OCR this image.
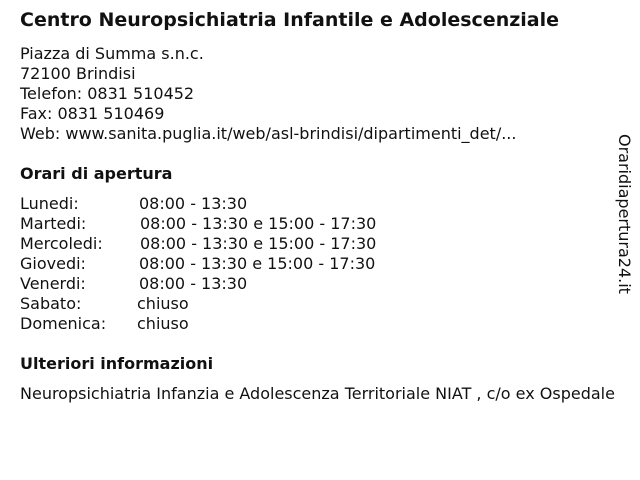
Centro Neuropsichiatria Infantile e Adolescenziale
Piazza di Summa s.n.c.
72100 Brindisi
Telefon: 0831 510452
Fax: 0831 510469
Web: www.sanita.puglia.it/web/asl-brindisi/dipartimenti_det/...
Orari di apertura
Lunedi:	08:00 - 13:30
Martedi:	08:00 - 13:30 e 15:00 - 17:30
Mercoledi: 08:00 - 13:30 e 15:00 - 17:30
Giovedi:	08:00 - 13:30 e 15:00 - 17:30
Venerdi:	08:00 - 13:30
Sabato:	chiuso
Domenica: chiuso
Ulteriori informazioni
Neuropsichiatria Infanzia e Adolescenza Territoriale NIAT , c/o ex Ospedale
Oraridiapertura24.it
